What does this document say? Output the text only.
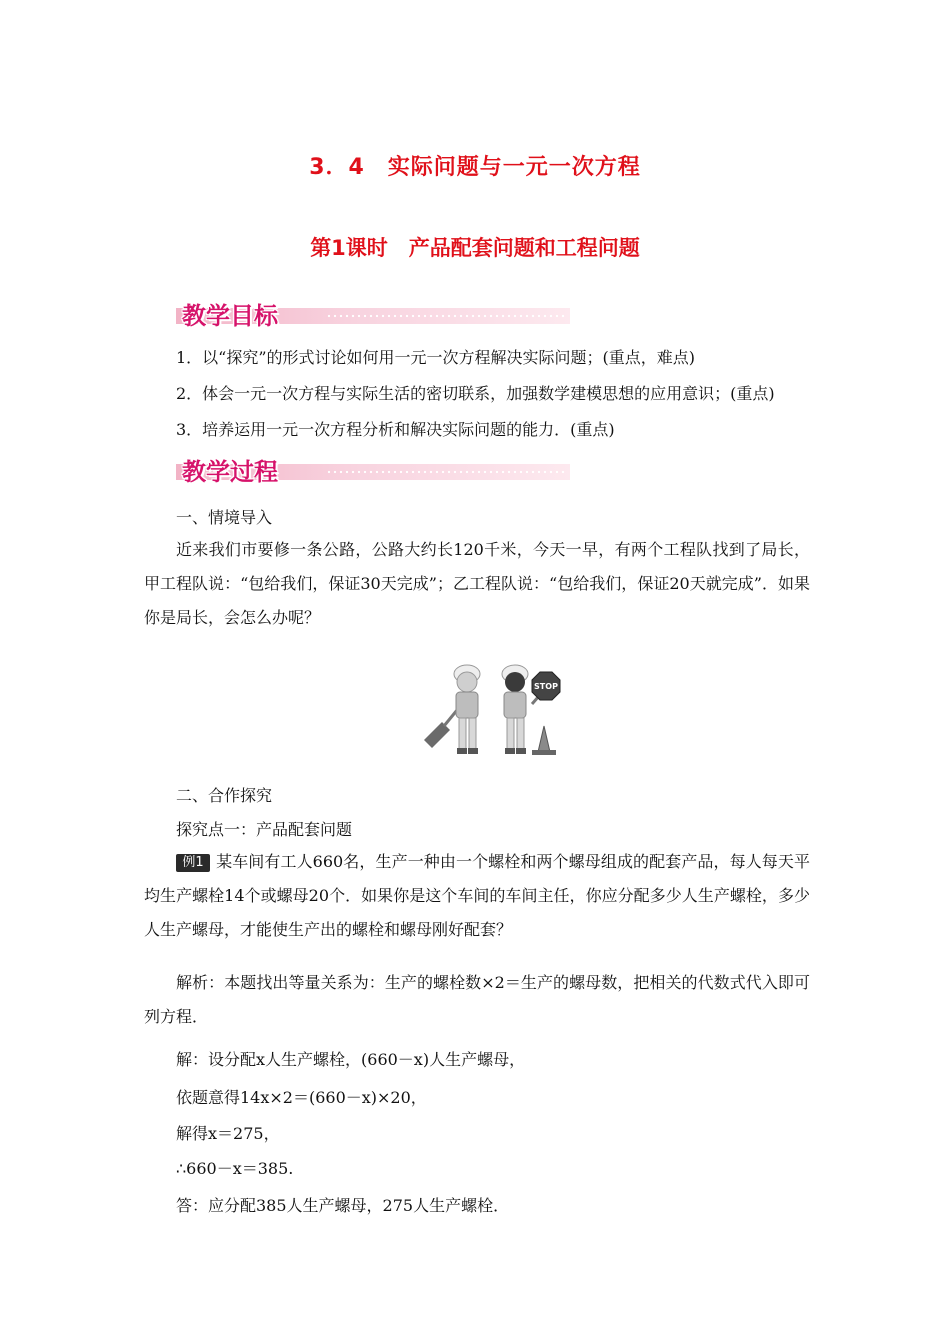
3．4　实际问题与一元一次方程
第1课时　产品配套问题和工程问题
教学目标
1．以“探究”的形式讨论如何用一元一次方程解决实际问题；(重点，难点)
2．体会一元一次方程与实际生活的密切联系，加强数学建模思想的应用意识；(重点)
3．培养运用一元一次方程分析和解决实际问题的能力．(重点)
教学过程
一、情境导入
近来我们市要修一条公路，公路大约长120千米，今天一早，有两个工程队找到了局长，甲工程队说：“包给我们，保证30天完成”；乙工程队说：“包给我们，保证20天就完成”．如果你是局长，会怎么办呢？
STOP
二、合作探究
探究点一：产品配套问题
例1 某车间有工人660名，生产一种由一个螺栓和两个螺母组成的配套产品，每人每天平均生产螺栓14个或螺母20个．如果你是这个车间的车间主任，你应分配多少人生产螺栓，多少人生产螺母，才能使生产出的螺栓和螺母刚好配套？
解析：本题找出等量关系为：生产的螺栓数×2＝生产的螺母数，把相关的代数式代入即可列方程．
解：设分配x人生产螺栓，(660－x)人生产螺母，
依题意得14x×2＝(660－x)×20，
解得x＝275，
∴660－x＝385.
答：应分配385人生产螺母，275人生产螺栓．
